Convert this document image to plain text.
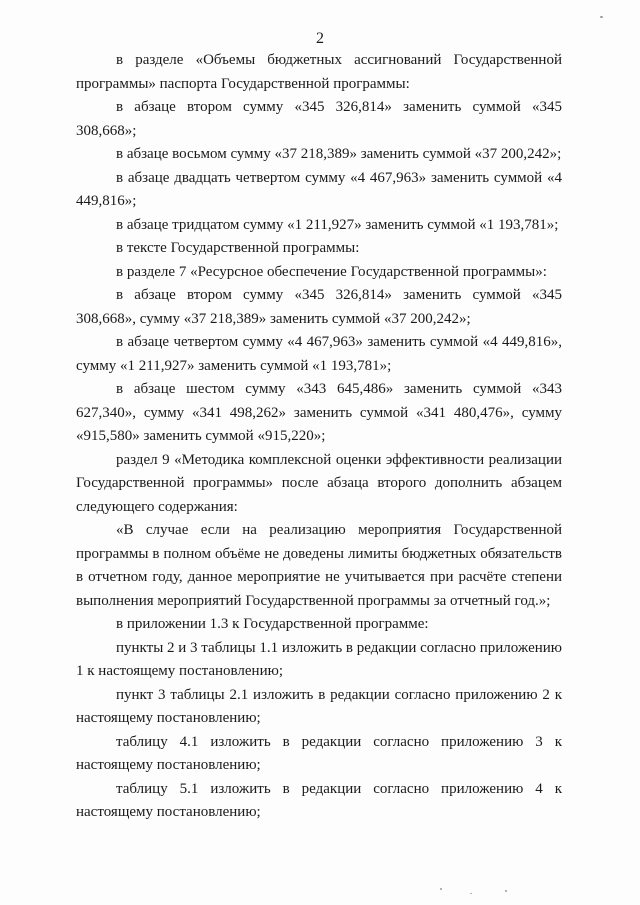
2

в разделе «Объемы бюджетных ассигнований Государственной программы» паспорта Государственной программы:

в абзаце втором сумму «345 326,814» заменить суммой «345 308,668»;

в абзаце восьмом сумму «37 218,389» заменить суммой «37 200,242»;

в абзаце двадцать четвертом сумму «4 467,963» заменить суммой «4 449,816»;

в абзаце тридцатом сумму «1 211,927» заменить суммой «1 193,781»;

в тексте Государственной программы:

в разделе 7 «Ресурсное обеспечение Государственной программы»:

в абзаце втором сумму «345 326,814» заменить суммой «345 308,668», сумму «37 218,389» заменить суммой «37 200,242»;

в абзаце четвертом сумму «4 467,963» заменить суммой «4 449,816», сумму «1 211,927» заменить суммой «1 193,781»;

в абзаце шестом сумму «343 645,486» заменить суммой «343 627,340», сумму «341 498,262» заменить суммой «341 480,476», сумму «915,580» заменить суммой «915,220»;

раздел 9 «Методика комплексной оценки эффективности реализации Государственной программы» после абзаца второго дополнить абзацем следующего содержания:

«В случае если на реализацию мероприятия Государственной программы в полном объёме не доведены лимиты бюджетных обязательств в отчетном году, данное мероприятие не учитывается при расчёте степени выполнения мероприятий Государственной программы за отчетный год.»;

в приложении 1.3 к Государственной программе:

пункты 2 и 3 таблицы 1.1 изложить в редакции согласно приложению 1 к настоящему постановлению;

пункт 3 таблицы 2.1 изложить в редакции согласно приложению 2 к настоящему постановлению;

таблицу 4.1 изложить в редакции согласно приложению 3 к настоящему постановлению;

таблицу 5.1 изложить в редакции согласно приложению 4 к настоящему постановлению;
